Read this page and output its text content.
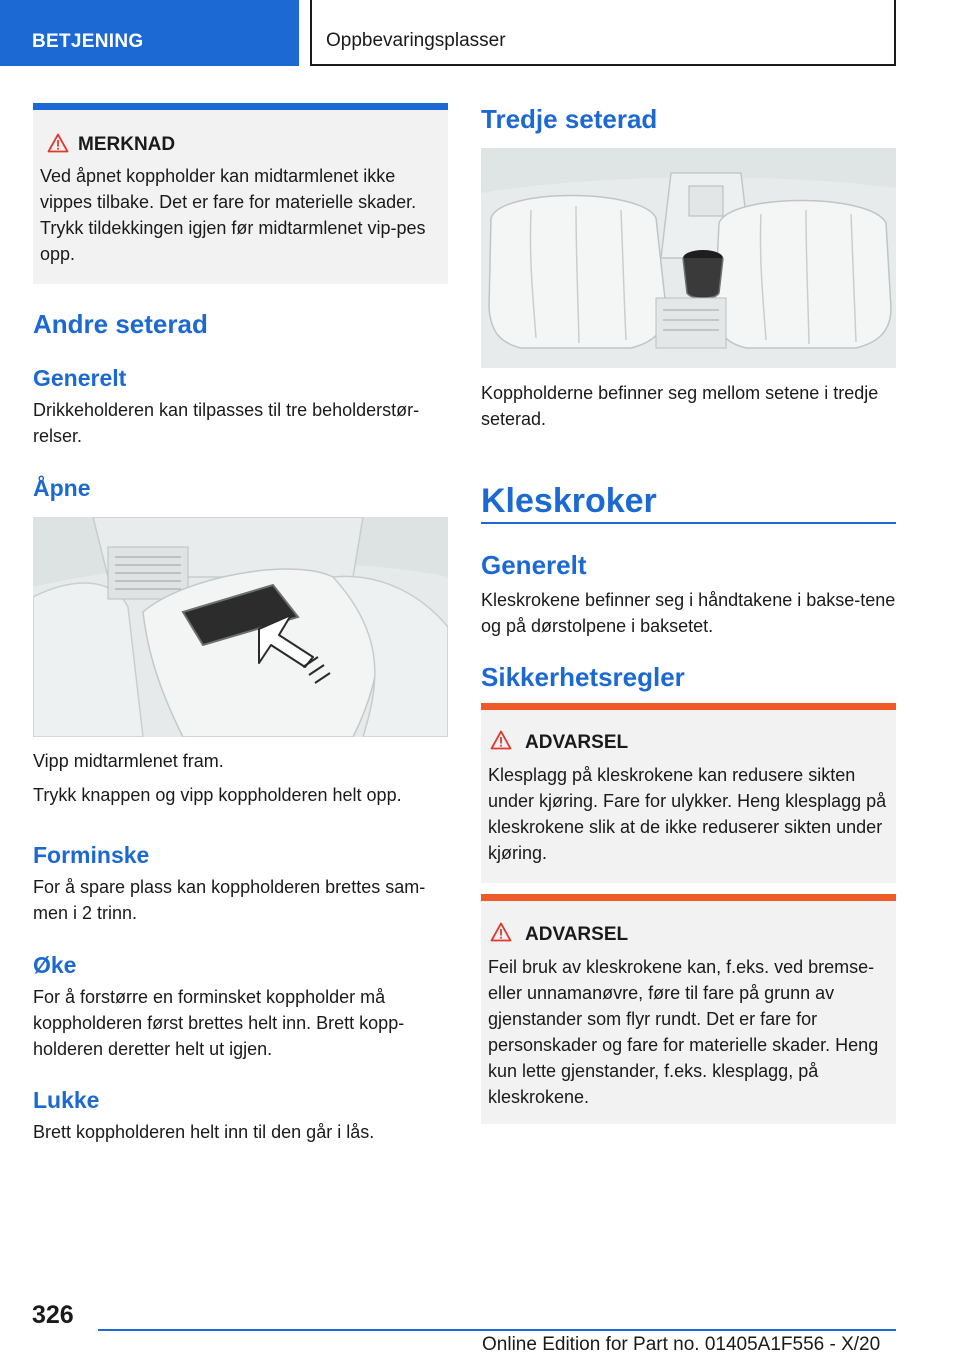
BETJENING	Oppbevaringsplasser
MERKNAD

Ved åpnet koppholder kan midtarmlenet ikke vippes tilbake. Det er fare for materielle skader. Trykk tildekkingen igjen før midtarmlenet vip-pes opp.

Andre seterad
Generelt

Drikkeholderen kan tilpasses til tre beholderstør-relser.

Åpne

Vipp midtarmlenet fram.

Trykk knappen og vipp koppholderen helt opp.

Forminske

For å spare plass kan koppholderen brettes sam-men i 2 trinn.

Øke

For å forstørre en forminsket koppholder må koppholderen først brettes helt inn. Brett kopp-holderen deretter helt ut igjen.

Lukke

Brett koppholderen helt inn til den går i lås.

Tredje seterad

Koppholderne befinner seg mellom setene i tredje seterad.

Kleskroker
Generelt

Kleskrokene befinner seg i håndtakene i bakse-tene og på dørstolpene i baksetet.

Sikkerhetsregler
ADVARSEL

Klesplagg på kleskrokene kan redusere sikten under kjøring. Fare for ulykker. Heng klesplagg på kleskrokene slik at de ikke reduserer sikten under kjøring.

ADVARSEL

Feil bruk av kleskrokene kan, f.eks. ved bremse- eller unnamanøvre, føre til fare på grunn av gjenstander som flyr rundt. Det er fare for personskader og fare for materielle skader. Heng kun lette gjenstander, f.eks. klesplagg, på kleskrokene.

326
Online Edition for Part no. 01405A1F556 - X/20
